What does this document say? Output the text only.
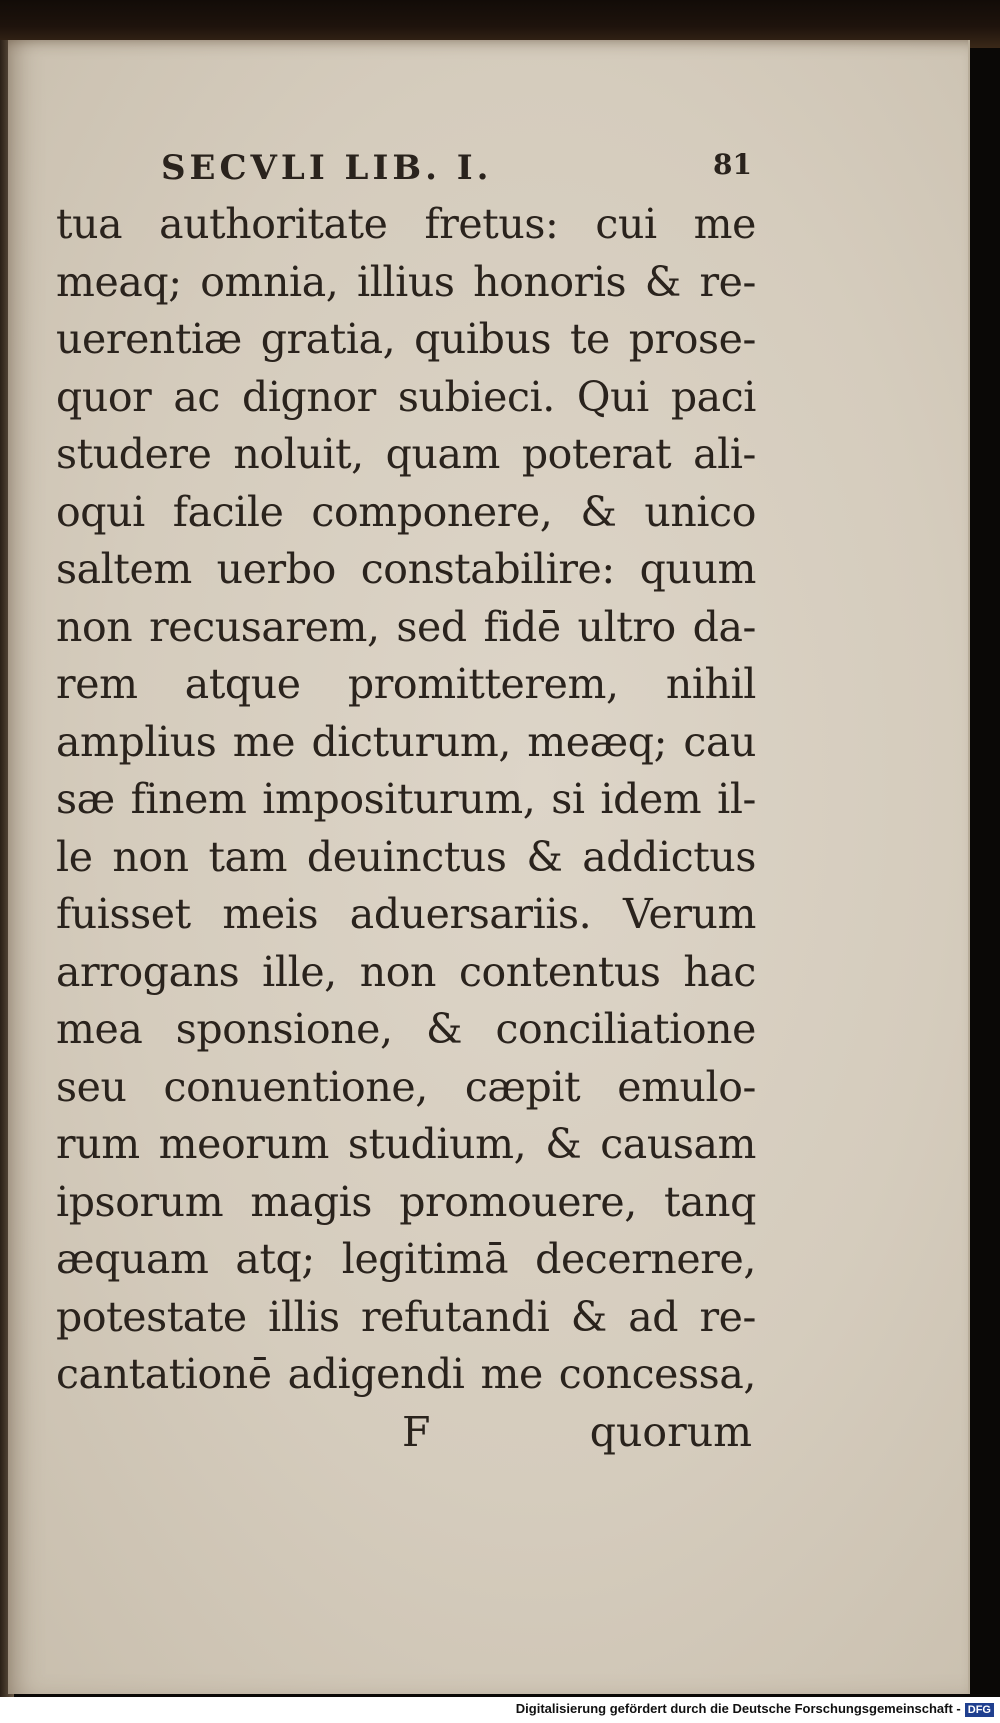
SECVLI LIB. I.	81
tua authoritate fretus: cui me
meaq; omnia, illius honoris & re-
uerentiæ gratia, quibus te prose-
quor ac dignor subieci. Qui paci
studere noluit, quam poterat ali-
oqui facile componere, & unico
saltem uerbo constabilire: quum
non recusarem, sed fidē ultro da-
rem atque promitterem, nihil
amplius me dicturum, meæq; cau
sæ finem impositurum, si idem il-
le non tam deuinctus & addictus
fuisset meis aduersariis. Verum
arrogans ille, non contentus hac
mea sponsione, & conciliatione
seu conuentione, cæpit emulo-
rum meorum studium, & causam
ipsorum magis promouere, tanq
æquam atq; legitimā decernere,
potestate illis refutandi & ad re-
cantationē adigendi me concessa,
F	quorum
Digitalisierung gefördert durch die Deutsche Forschungsgemeinschaft - DFG
